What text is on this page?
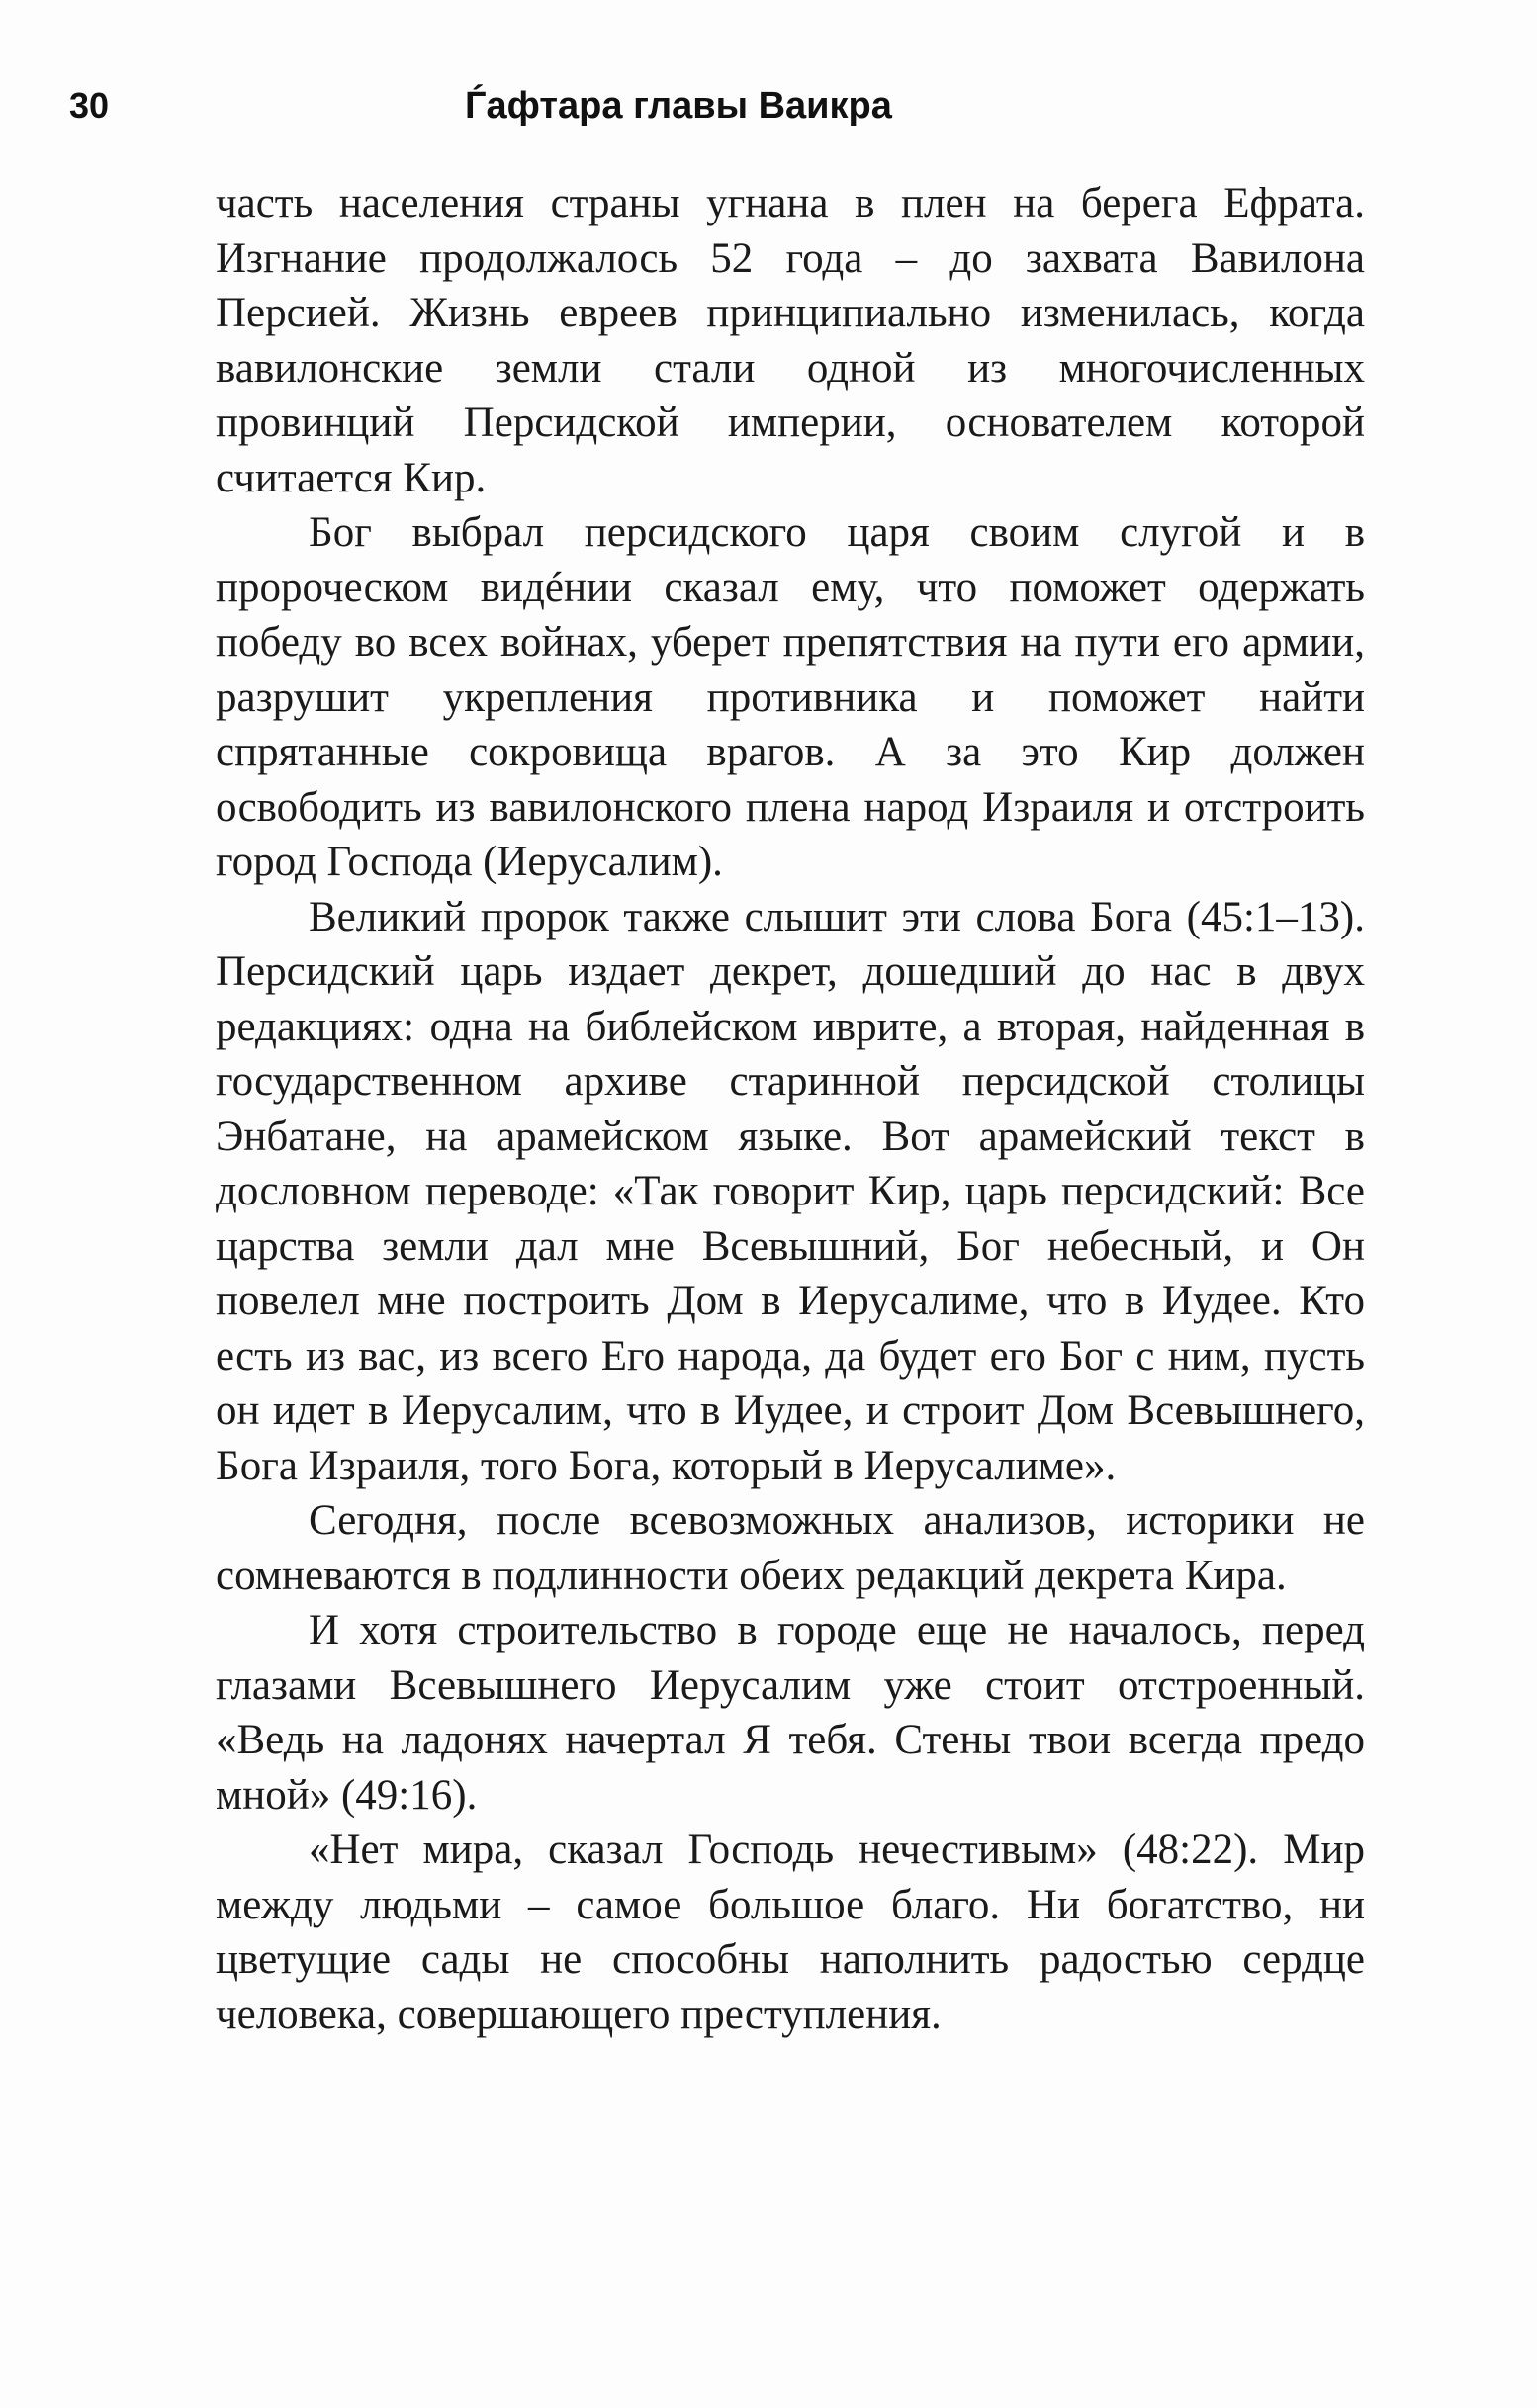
30	Ѓафтара главы Ваикра

часть населения страны угнана в плен на берега Ефрата. Изгнание продолжалось 52 года – до захвата Вавилона Персией. Жизнь евреев принципиально изменилась, когда вавилонские земли стали одной из многочисленных провинций Персидской империи, основателем которой считается Кир.

Бог выбрал персидского царя своим слугой и в пророческом видéнии сказал ему, что поможет одержать победу во всех войнах, уберет препятствия на пути его армии, разрушит укрепления противника и поможет найти спрятанные сокровища врагов. А за это Кир должен освободить из вавилонского плена народ Израиля и отстроить город Господа (Иерусалим).

Великий пророк также слышит эти слова Бога (45:1–13). Персидский царь издает декрет, дошедший до нас в двух редакциях: одна на библейском иврите, а вторая, найденная в государственном архиве старинной персидской столицы Энбатане, на арамейском языке. Вот арамейский текст в дословном переводе: «Так говорит Кир, царь персидский: Все царства земли дал мне Всевышний, Бог небесный, и Он повелел мне построить Дом в Иерусалиме, что в Иудее. Кто есть из вас, из всего Его народа, да будет его Бог с ним, пусть он идет в Иерусалим, что в Иудее, и строит Дом Всевышнего, Бога Израиля, того Бога, который в Иерусалиме».

Сегодня, после всевозможных анализов, историки не сомневаются в подлинности обеих редакций декрета Кира.

И хотя строительство в городе еще не началось, перед глазами Всевышнего Иерусалим уже стоит отстроенный. «Ведь на ладонях начертал Я тебя. Стены твои всегда предо мной» (49:16).

«Нет мира, сказал Господь нечестивым» (48:22). Мир между людьми – самое большое благо. Ни богатство, ни цветущие сады не способны наполнить радостью сердце человека, совершающего преступления.
